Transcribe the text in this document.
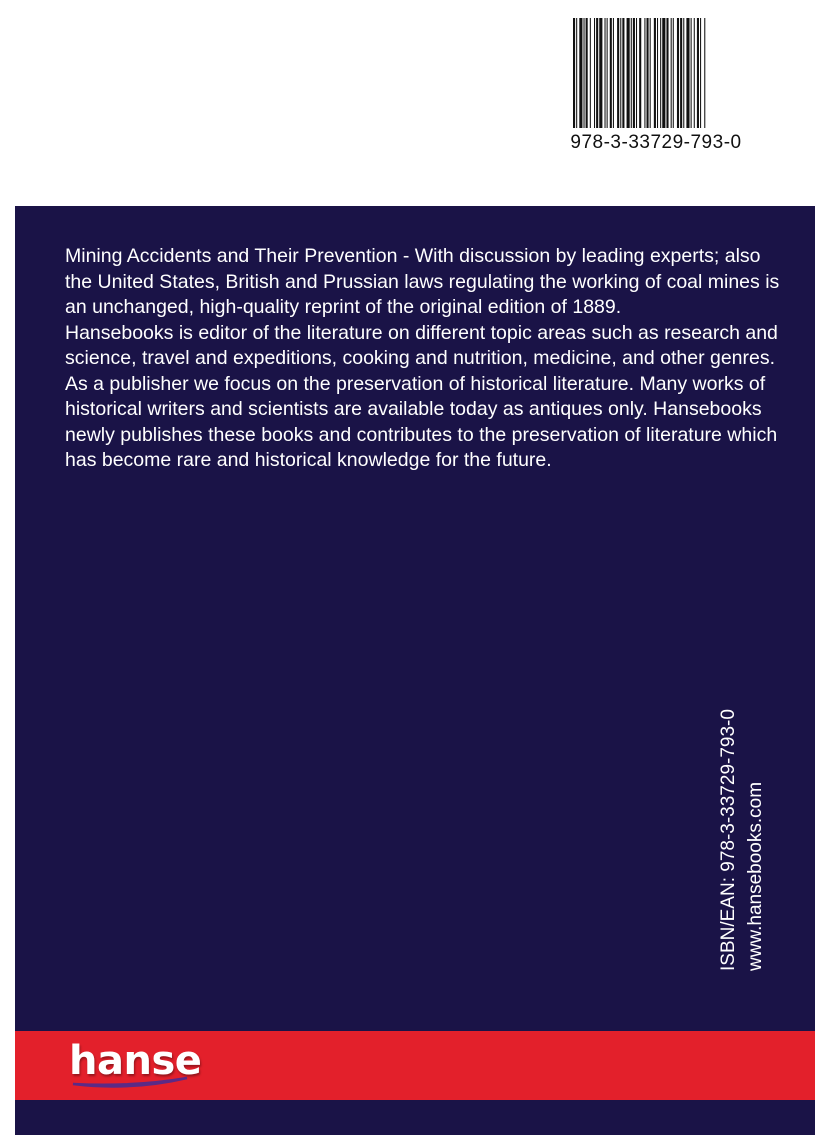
978-3-33729-793-0

Mining Accidents and Their Prevention - With discussion by leading experts; also the United States, British and Prussian laws regulating the working of coal mines is an unchanged, high-quality reprint of the original edition of 1889.

Hansebooks is editor of the literature on different topic areas such as research and science, travel and expeditions, cooking and nutrition, medicine, and other genres. As a publisher we focus on the preservation of historical literature. Many works of historical writers and scientists are available today as antiques only. Hansebooks newly publishes these books and contributes to the preservation of literature which has become rare and historical knowledge for the future.

ISBN/EAN: 978-3-33729-793-0 www.hansebooks.com
hanse
